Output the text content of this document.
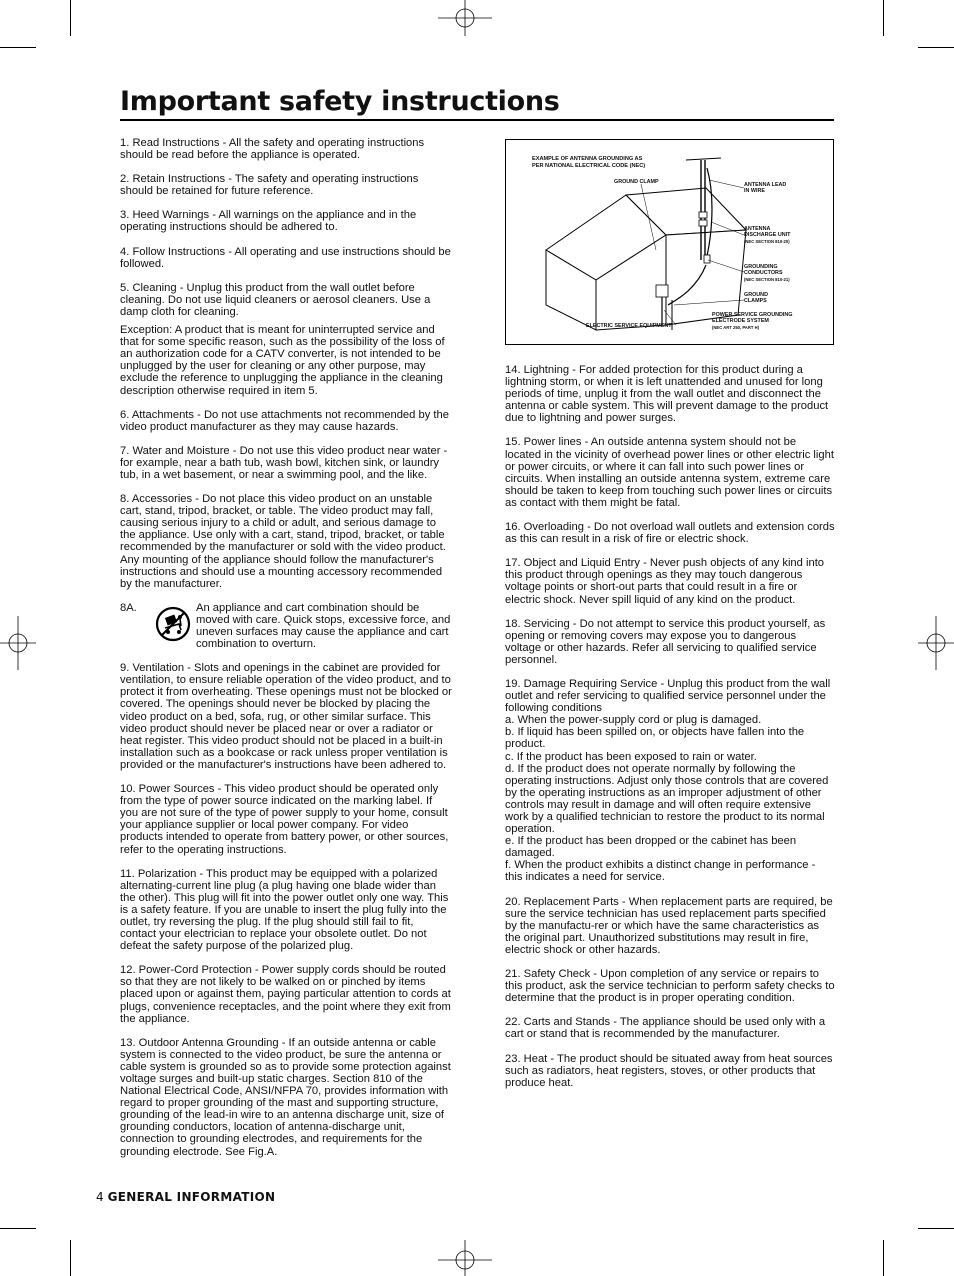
Important safety instructions

1. Read Instructions - All the safety and operating instructions should be read before the appliance is operated.

2. Retain Instructions - The safety and operating instructions should be retained for future reference.

3. Heed Warnings - All warnings on the appliance and in the operating instructions should be adhered to.

4. Follow Instructions - All operating and use instructions should be followed.

5. Cleaning - Unplug this product from the wall outlet before cleaning. Do not use liquid cleaners or aerosol cleaners. Use a damp cloth for cleaning.

Exception: A product that is meant for uninterrupted service and that for some specific reason, such as the possibility of the loss of an authorization code for a CATV converter, is not intended to be unplugged by the user for cleaning or any other purpose, may exclude the reference to unplugging the appliance in the cleaning description otherwise required in item 5.

6. Attachments - Do not use attachments not recommended by the video product manufacturer as they may cause hazards.

7. Water and Moisture - Do not use this video product near water - for example, near a bath tub, wash bowl, kitchen sink, or laundry tub, in a wet basement, or near a swimming pool, and the like.

8. Accessories - Do not place this video product on an unstable cart, stand, tripod, bracket, or table. The video product may fall, causing serious injury to a child or adult, and serious damage to the appliance. Use only with a cart, stand, tripod, bracket, or table recommended by the manufacturer or sold with the video product. Any mounting of the appliance should follow the manufacturer's instructions and should use a mounting accessory recommended by the manufacturer.

8A.	An appliance and cart combination should be moved with care. Quick stops, excessive force, and uneven surfaces may cause the appliance and cart combination to overturn.

9. Ventilation - Slots and openings in the cabinet are provided for ventilation, to ensure reliable operation of the video product, and to protect it from overheating. These openings must not be blocked or covered. The openings should never be blocked by placing the video product on a bed, sofa, rug, or other similar surface. This video product should never be placed near or over a radiator or heat register. This video product should not be placed in a built-in installation such as a bookcase or rack unless proper ventilation is provided or the manufacturer's instructions have been adhered to.

10. Power Sources - This video product should be operated only from the type of power source indicated on the marking label. If you are not sure of the type of power supply to your home, consult your appliance supplier or local power company. For video products intended to operate from battery power, or other sources, refer to the operating instructions.

11. Polarization - This product may be equipped with a polarized alternating-current line plug (a plug having one blade wider than the other). This plug will fit into the power outlet only one way. This is a safety feature. If you are unable to insert the plug fully into the outlet, try reversing the plug. If the plug should still fail to fit, contact your electrician to replace your obsolete outlet. Do not defeat the safety purpose of the polarized plug.

12. Power-Cord Protection - Power supply cords should be routed so that they are not likely to be walked on or pinched by items placed upon or against them, paying particular attention to cords at plugs, convenience receptacles, and the point where they exit from the appliance.

13. Outdoor Antenna Grounding - If an outside antenna or cable system is connected to the video product, be sure the antenna or cable system is grounded so as to provide some protection against voltage surges and built-up static charges. Section 810 of the National Electrical Code, ANSI/NFPA 70, provides information with regard to proper grounding of the mast and supporting structure, grounding of the lead-in wire to an antenna discharge unit, size of grounding conductors, location of antenna-discharge unit, connection to grounding electrodes, and requirements for the grounding electrode. See Fig.A.

EXAMPLE OF ANTENNA GROUNDING AS
PER NATIONAL ELECTRICAL CODE (NEC)
GROUND CLAMP	ANTENNA LEAD
IN WIRE
ANTENNA
DISCHARGE UNIT
(NEC SECTION 810-20)
GROUNDING
CONDUCTORS
(NEC SECTION 810-21)
GROUND
CLAMPS
ELECTRIC SERVICE EQUIPMENT
POWER SERVICE GROUNDING
ELECTRODE SYSTEM
(NEC ART 250, PART H)

14. Lightning - For added protection for this product during a lightning storm, or when it is left unattended and unused for long periods of time, unplug it from the wall outlet and disconnect the antenna or cable system. This will prevent damage to the product due to lightning and power surges.

15. Power lines - An outside antenna system should not be located in the vicinity of overhead power lines or other electric light or power circuits, or where it can fall into such power lines or circuits. When installing an outside antenna system, extreme care should be taken to keep from touching such power lines or circuits as contact with them might be fatal.

16. Overloading - Do not overload wall outlets and extension cords as this can result in a risk of fire or electric shock.

17. Object and Liquid Entry - Never push objects of any kind into this product through openings as they may touch dangerous voltage points or short-out parts that could result in a fire or electric shock. Never spill liquid of any kind on the product.

18. Servicing - Do not attempt to service this product yourself, as opening or removing covers may expose you to dangerous voltage or other hazards. Refer all servicing to qualified service personnel.

19. Damage Requiring Service - Unplug this product from the wall outlet and refer servicing to qualified service personnel under the following conditions
a. When the power-supply cord or plug is damaged.
b. If liquid has been spilled on, or objects have fallen into the product.
c. If the product has been exposed to rain or water.
d. If the product does not operate normally by following the operating instructions. Adjust only those controls that are covered by the operating instructions as an improper adjustment of other controls may result in damage and will often require extensive work by a qualified technician to restore the product to its normal operation.
e. If the product has been dropped or the cabinet has been damaged.
f. When the product exhibits a distinct change in performance - this indicates a need for service.

20. Replacement Parts - When replacement parts are required, be sure the service technician has used replacement parts specified by the manufactu-rer or which have the same characteristics as the original part. Unauthorized substitutions may result in fire, electric shock or other hazards.

21. Safety Check - Upon completion of any service or repairs to this product, ask the service technician to perform safety checks to determine that the product is in proper operating condition.

22. Carts and Stands - The appliance should be used only with a cart or stand that is recommended by the manufacturer.

23. Heat - The product should be situated away from heat sources such as radiators, heat registers, stoves, or other products that produce heat.

4 GENERAL INFORMATION
